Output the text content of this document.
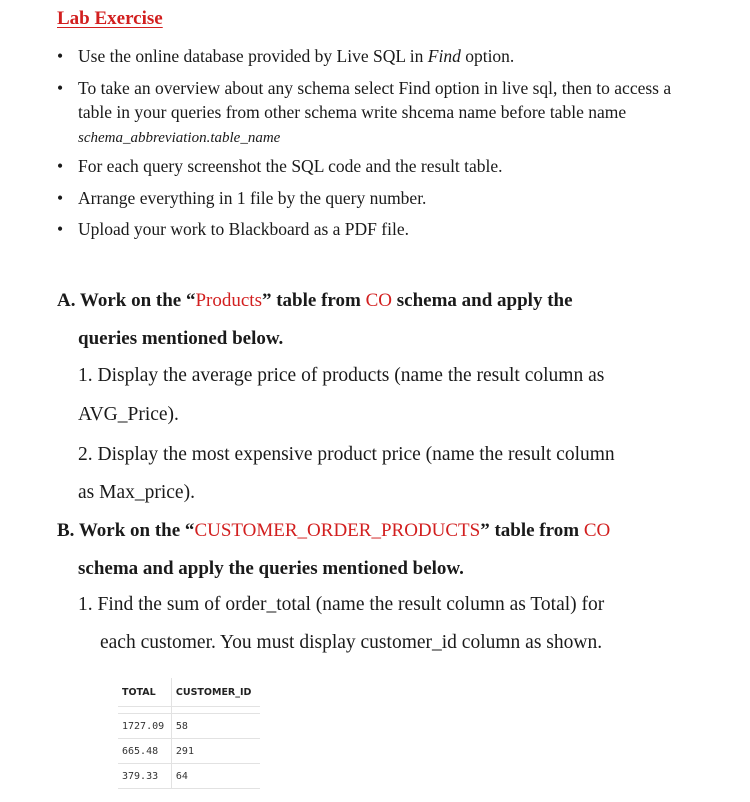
Lab Exercise
• Use the online database provided by Live SQL in Find option.
• To take an overview about any schema select Find option in live sql, then to access a table in your queries from other schema write shcema name before table name schema_abbreviation.table_name
• For each query screenshot the SQL code and the result table.
• Arrange everything in 1 file by the query number.
• Upload your work to Blackboard as a PDF file.
A. Work on the “Products” table from CO schema and apply the
queries mentioned below.
1. Display the average price of products (name the result column as
AVG_Price).
2. Display the most expensive product price (name the result column
as Max_price).
B. Work on the “CUSTOMER_ORDER_PRODUCTS” table from CO
schema and apply the queries mentioned below.
1. Find the sum of order_total (name the result column as Total) for
each customer. You must display customer_id column as shown.
TOTAL	CUSTOMER_ID

1727.09	58
665.48	291
379.33	64
